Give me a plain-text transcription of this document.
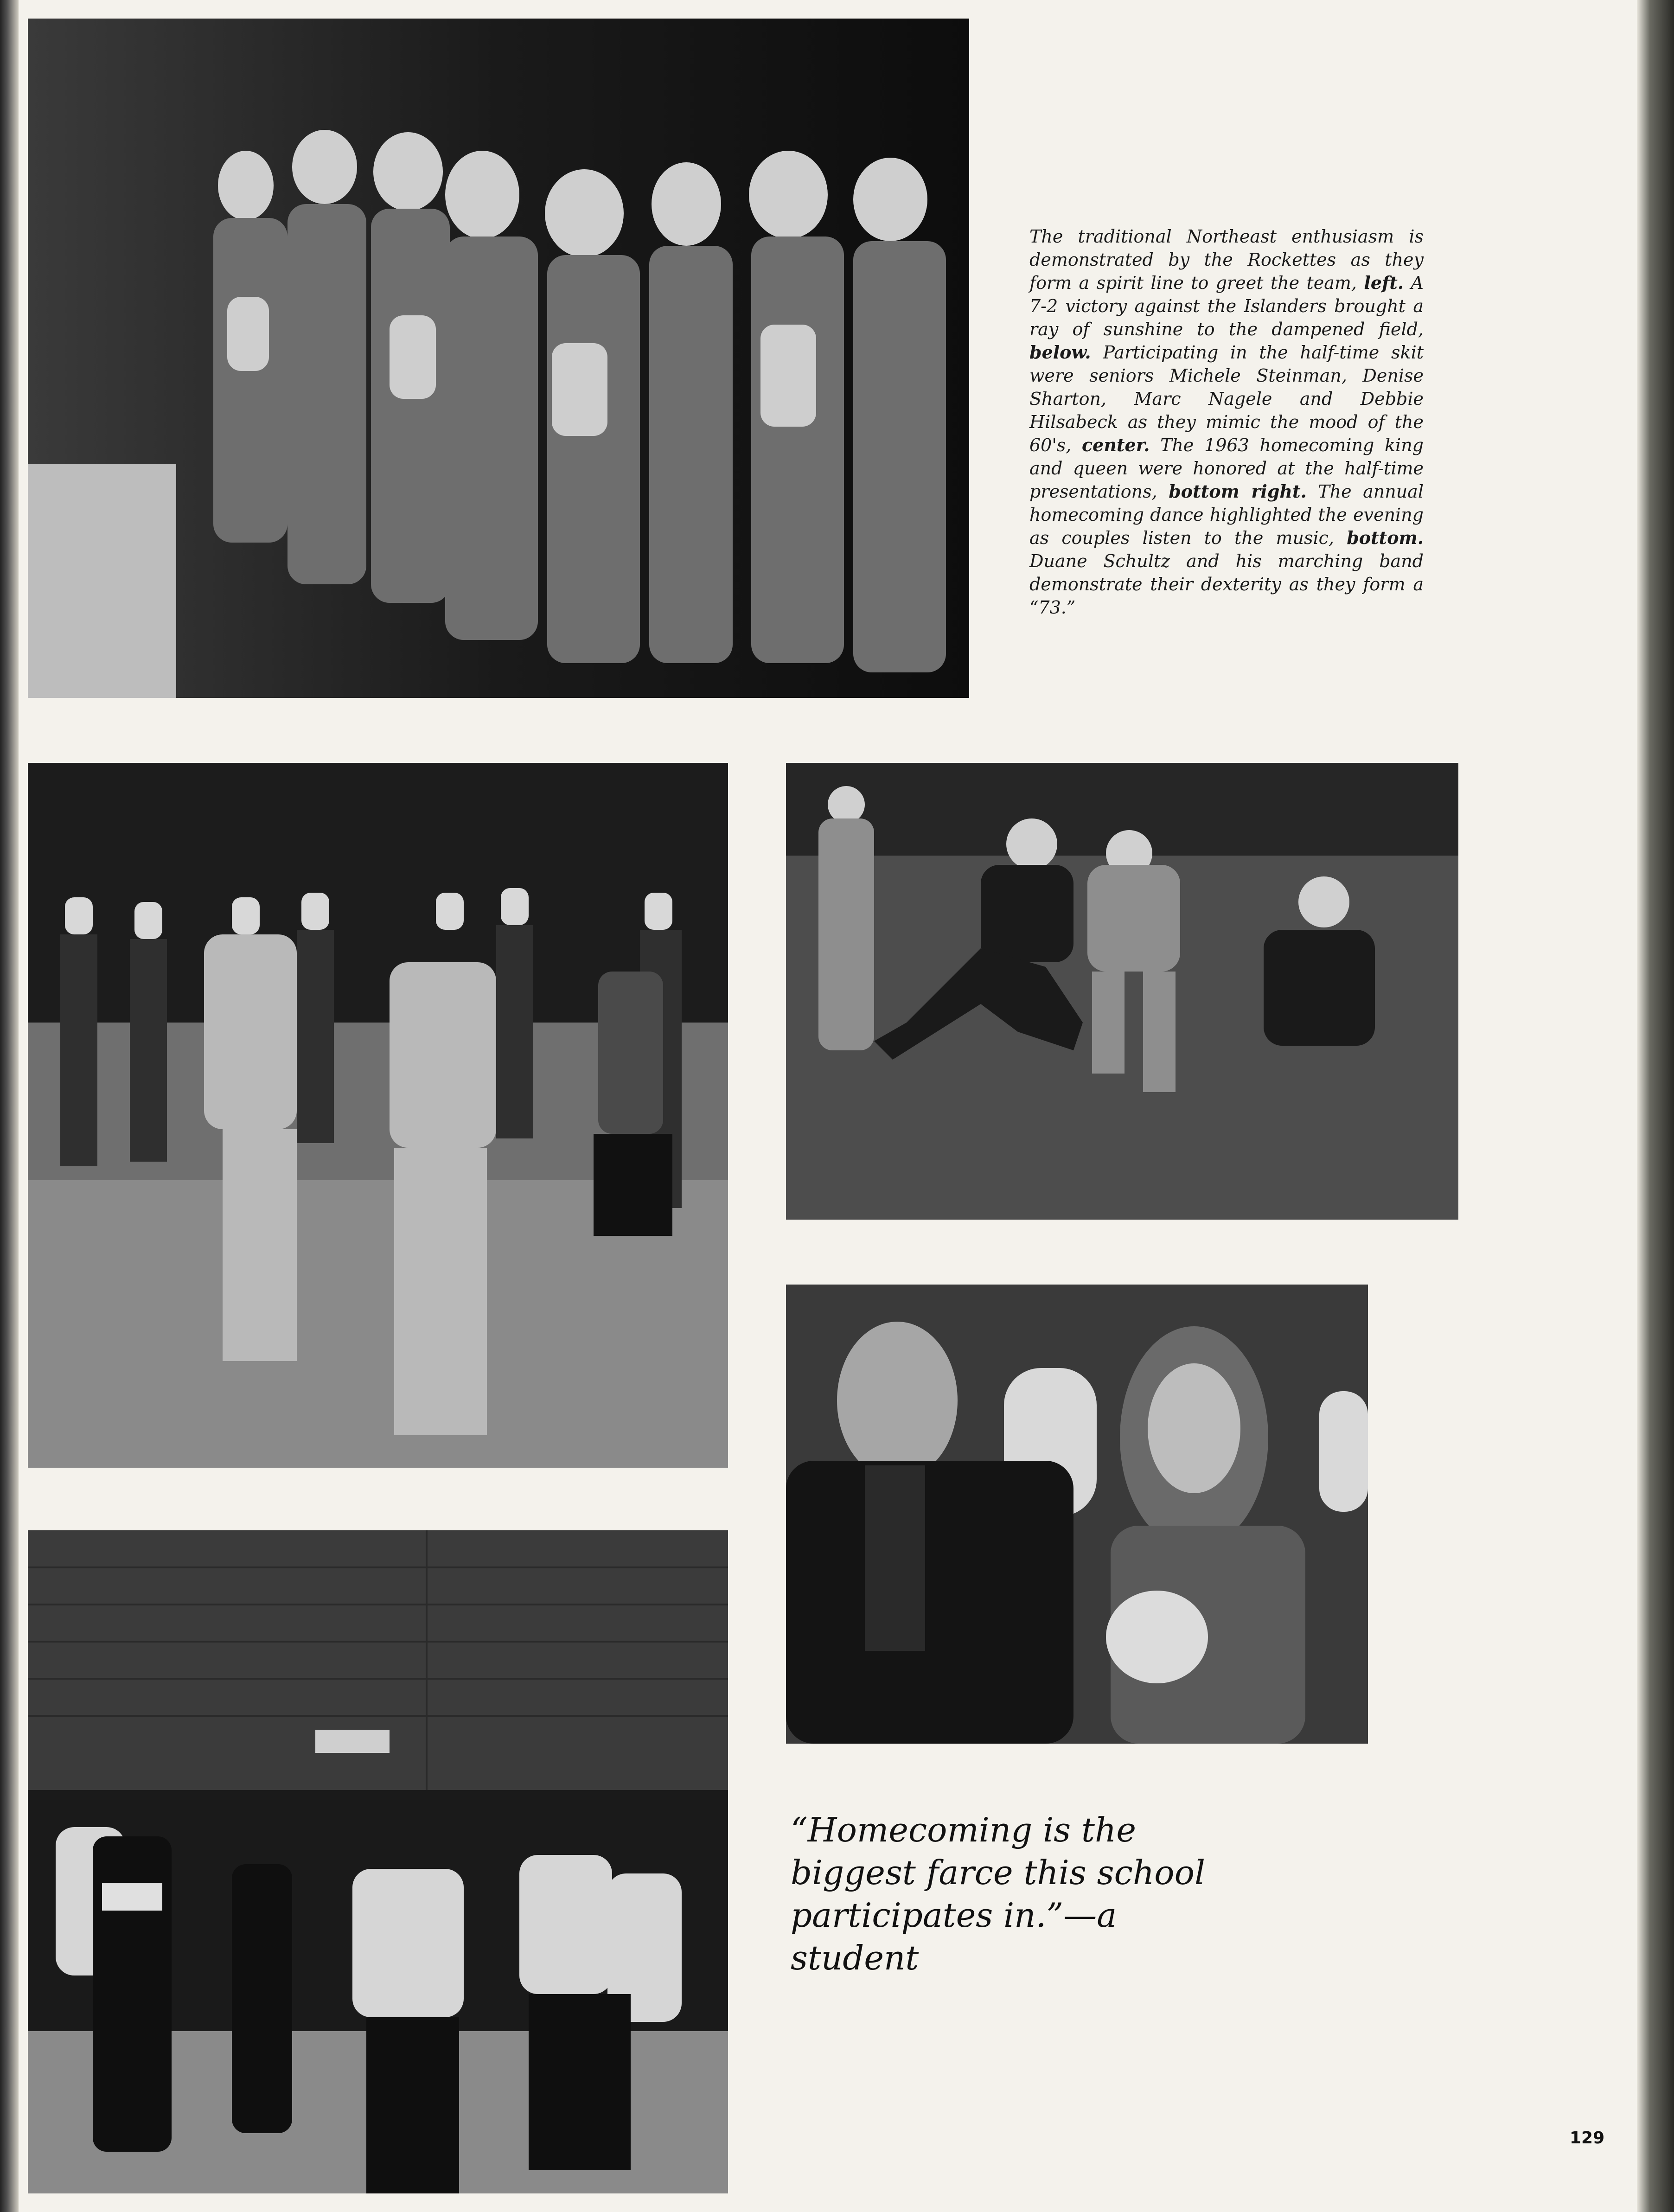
The traditional Northeast enthusiasm is demonstrated by the Rockettes as they form a spirit line to greet the team, left. A 7-2 victory against the Islanders brought a ray of sunshine to the dampened field, below. Participating in the half-time skit were seniors Michele Steinman, Denise Sharton, Marc Nagele and Debbie Hilsabeck as they mimic the mood of the 60's, center. The 1963 homecoming king and queen were honored at the half-time presentations, bottom right. The annual homecoming dance highlighted the evening as couples listen to the music, bottom. Duane Schultz and his marching band demonstrate their dexterity as they form a “73.”
“Homecoming is the biggest farce this school participates in.”—a student
129
